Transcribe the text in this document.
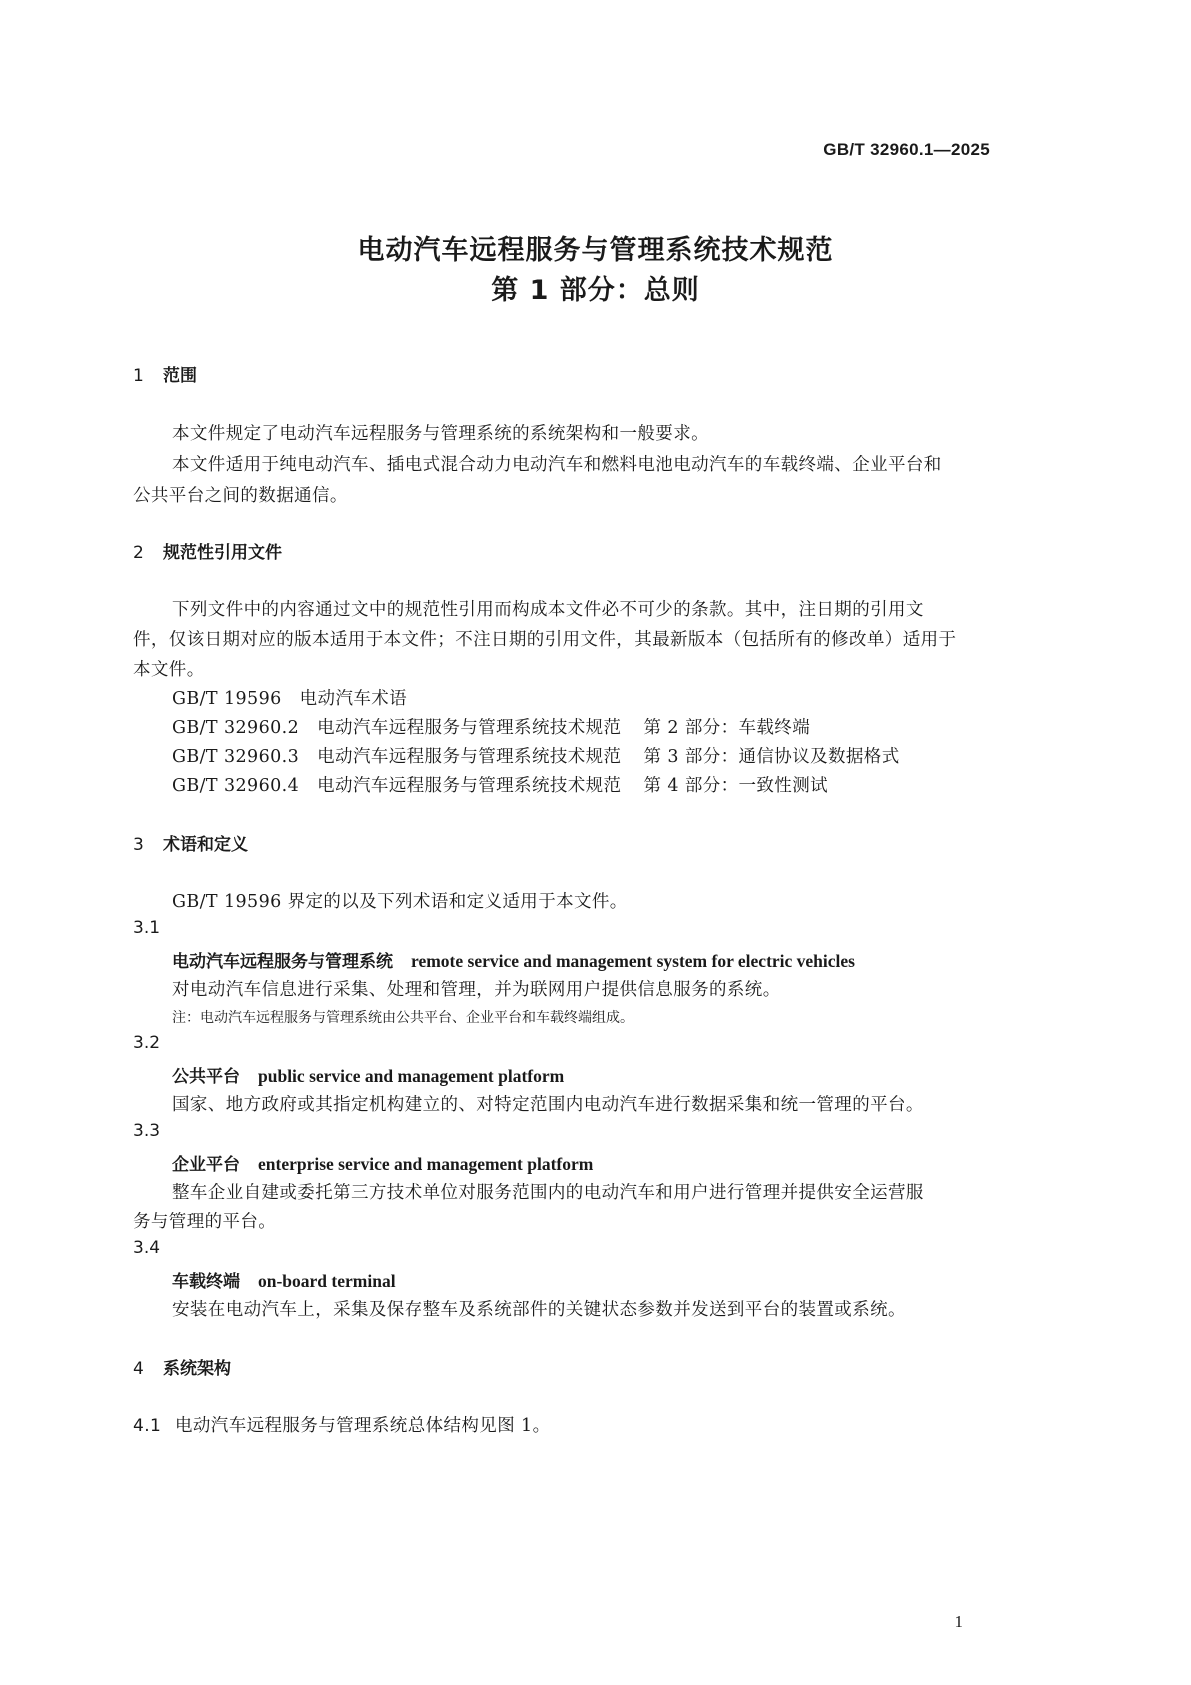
GB/T 32960.1—2025
电动汽车远程服务与管理系统技术规范
第 1 部分：总则
1 范围
本文件规定了电动汽车远程服务与管理系统的系统架构和一般要求。
本文件适用于纯电动汽车、插电式混合动力电动汽车和燃料电池电动汽车的车载终端、企业平台和
公共平台之间的数据通信。
2 规范性引用文件
下列文件中的内容通过文中的规范性引用而构成本文件必不可少的条款。其中，注日期的引用文
件，仅该日期对应的版本适用于本文件；不注日期的引用文件，其最新版本（包括所有的修改单）适用于
本文件。
GB/T 19596 电动汽车术语
GB/T 32960.2 电动汽车远程服务与管理系统技术规范 第 2 部分：车载终端
GB/T 32960.3 电动汽车远程服务与管理系统技术规范 第 3 部分：通信协议及数据格式
GB/T 32960.4 电动汽车远程服务与管理系统技术规范 第 4 部分：一致性测试
3 术语和定义
GB/T 19596 界定的以及下列术语和定义适用于本文件。
3.1
电动汽车远程服务与管理系统 remote service and management system for electric vehicles
对电动汽车信息进行采集、处理和管理，并为联网用户提供信息服务的系统。
注：电动汽车远程服务与管理系统由公共平台、企业平台和车载终端组成。
3.2
公共平台 public service and management platform
国家、地方政府或其指定机构建立的、对特定范围内电动汽车进行数据采集和统一管理的平台。
3.3
企业平台 enterprise service and management platform
整车企业自建或委托第三方技术单位对服务范围内的电动汽车和用户进行管理并提供安全运营服
务与管理的平台。
3.4
车载终端 on-board terminal
安装在电动汽车上，采集及保存整车及系统部件的关键状态参数并发送到平台的装置或系统。
4 系统架构
4.1 电动汽车远程服务与管理系统总体结构见图 1。
1
